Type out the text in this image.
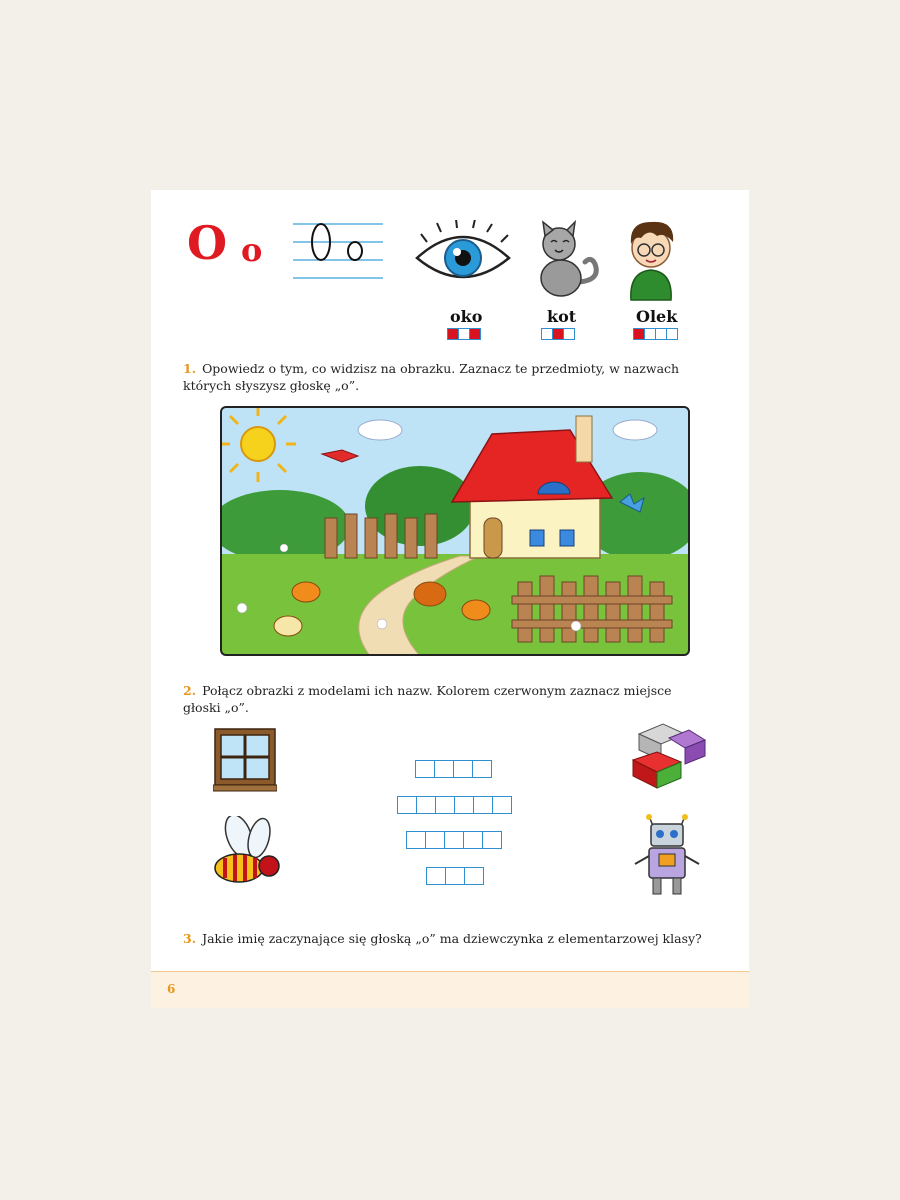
O o
oko	kot	Olek
1. Opowiedz o tym, co widzisz na obrazku. Zaznacz te przedmioty, w nazwach których słyszysz głoskę „o”.
2. Połącz obrazki z modelami ich nazw. Kolorem czerwonym zaznacz miejsce głoski „o”.
3. Jakie imię zaczynające się głoską „o” ma dziewczynka z elementarzowej klasy?
6
